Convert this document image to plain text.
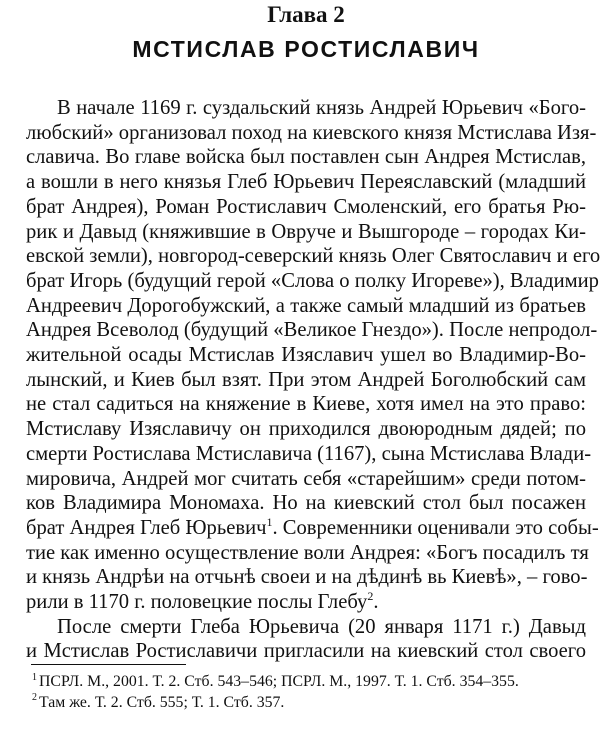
Глава 2
МСТИСЛАВ РОСТИСЛАВИЧ
В начале 1169 г. суздальский князь Андрей Юрьевич «Бого-
любский» организовал поход на киевского князя Мстислава Изя-
славича. Во главе войска был поставлен сын Андрея Мстислав,
а вошли в него князья Глеб Юрьевич Переяславский (младший
брат Андрея), Роман Ростиславич Смоленский, его братья Рю-
рик и Давыд (княжившие в Овруче и Вышгороде – городах Ки-
евской земли), новгород-северский князь Олег Святославич и его
брат Игорь (будущий герой «Слова о полку Игореве»), Владимир
Андреевич Дорогобужский, а также самый младший из братьев
Андрея Всеволод (будущий «Великое Гнездо»). После непродол-
жительной осады Мстислав Изяславич ушел во Владимир-Во-
лынский, и Киев был взят. При этом Андрей Боголюбский сам
не стал садиться на княжение в Киеве, хотя имел на это право:
Мстиславу Изяславичу он приходился двоюродным дядей; по
смерти Ростислава Мстиславича (1167), сына Мстислава Влади-
мировича, Андрей мог считать себя «старейшим» среди потом-
ков Владимира Мономаха. Но на киевский стол был посажен
брат Андрея Глеб Юрьевич$^1$. Современники оценивали это собы-
тие как именно осуществление воли Андрея: «Богъ посадилъ тя
и князь Андрѣи на отчьнѣ своеи и на дѣдинѣ вь Киевѣ», – гово-
рили в 1170 г. половецкие послы Глебу$^2$.
После смерти Глеба Юрьевича (20 января 1171 г.) Давыд
и Мстислав Ростиславичи пригласили на киевский стол своего
$^1$ ПСРЛ. М., 2001. Т. 2. Стб. 543–546; ПСРЛ. М., 1997. Т. 1. Стб. 354–355.
$^2$ Там же. Т. 2. Стб. 555; Т. 1. Стб. 357.
